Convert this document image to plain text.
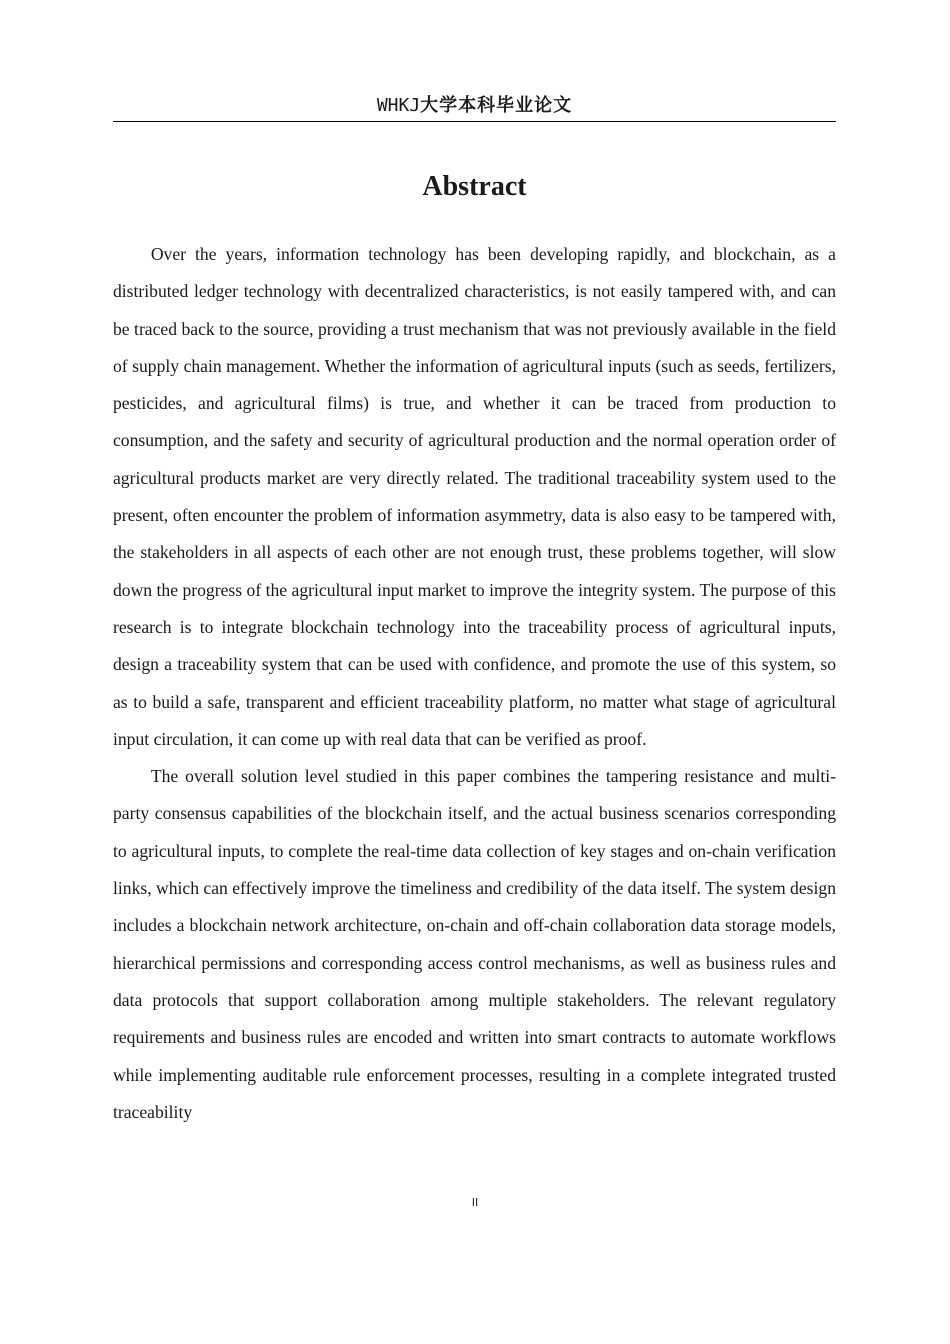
WHKJ大学本科毕业论文
Abstract

Over the years, information technology has been developing rapidly, and blockchain, as a distributed ledger technology with decentralized characteristics, is not easily tampered with, and can be traced back to the source, providing a trust mechanism that was not previously available in the field of supply chain management. Whether the information of agricultural inputs (such as seeds, fertilizers, pesticides, and agricultural films) is true, and whether it can be traced from production to consumption, and the safety and security of agricultural production and the normal operation order of agricultural products market are very directly related. The traditional traceability system used to the present, often encounter the problem of information asymmetry, data is also easy to be tampered with, the stakeholders in all aspects of each other are not enough trust, these problems together, will slow down the progress of the agricultural input market to improve the integrity system. The purpose of this research is to integrate blockchain technology into the traceability process of agricultural inputs, design a traceability system that can be used with confidence, and promote the use of this system, so as to build a safe, transparent and efficient traceability platform, no matter what stage of agricultural input circulation, it can come up with real data that can be verified as proof.

The overall solution level studied in this paper combines the tampering resistance and multi-party consensus capabilities of the blockchain itself, and the actual business scenarios corresponding to agricultural inputs, to complete the real-time data collection of key stages and on-chain verification links, which can effectively improve the timeliness and credibility of the data itself. The system design includes a blockchain network architecture, on-chain and off-chain collaboration data storage models, hierarchical permissions and corresponding access control mechanisms, as well as business rules and data protocols that support collaboration among multiple stakeholders. The relevant regulatory requirements and business rules are encoded and written into smart contracts to automate workflows while implementing auditable rule enforcement processes, resulting in a complete integrated trusted traceability

II
